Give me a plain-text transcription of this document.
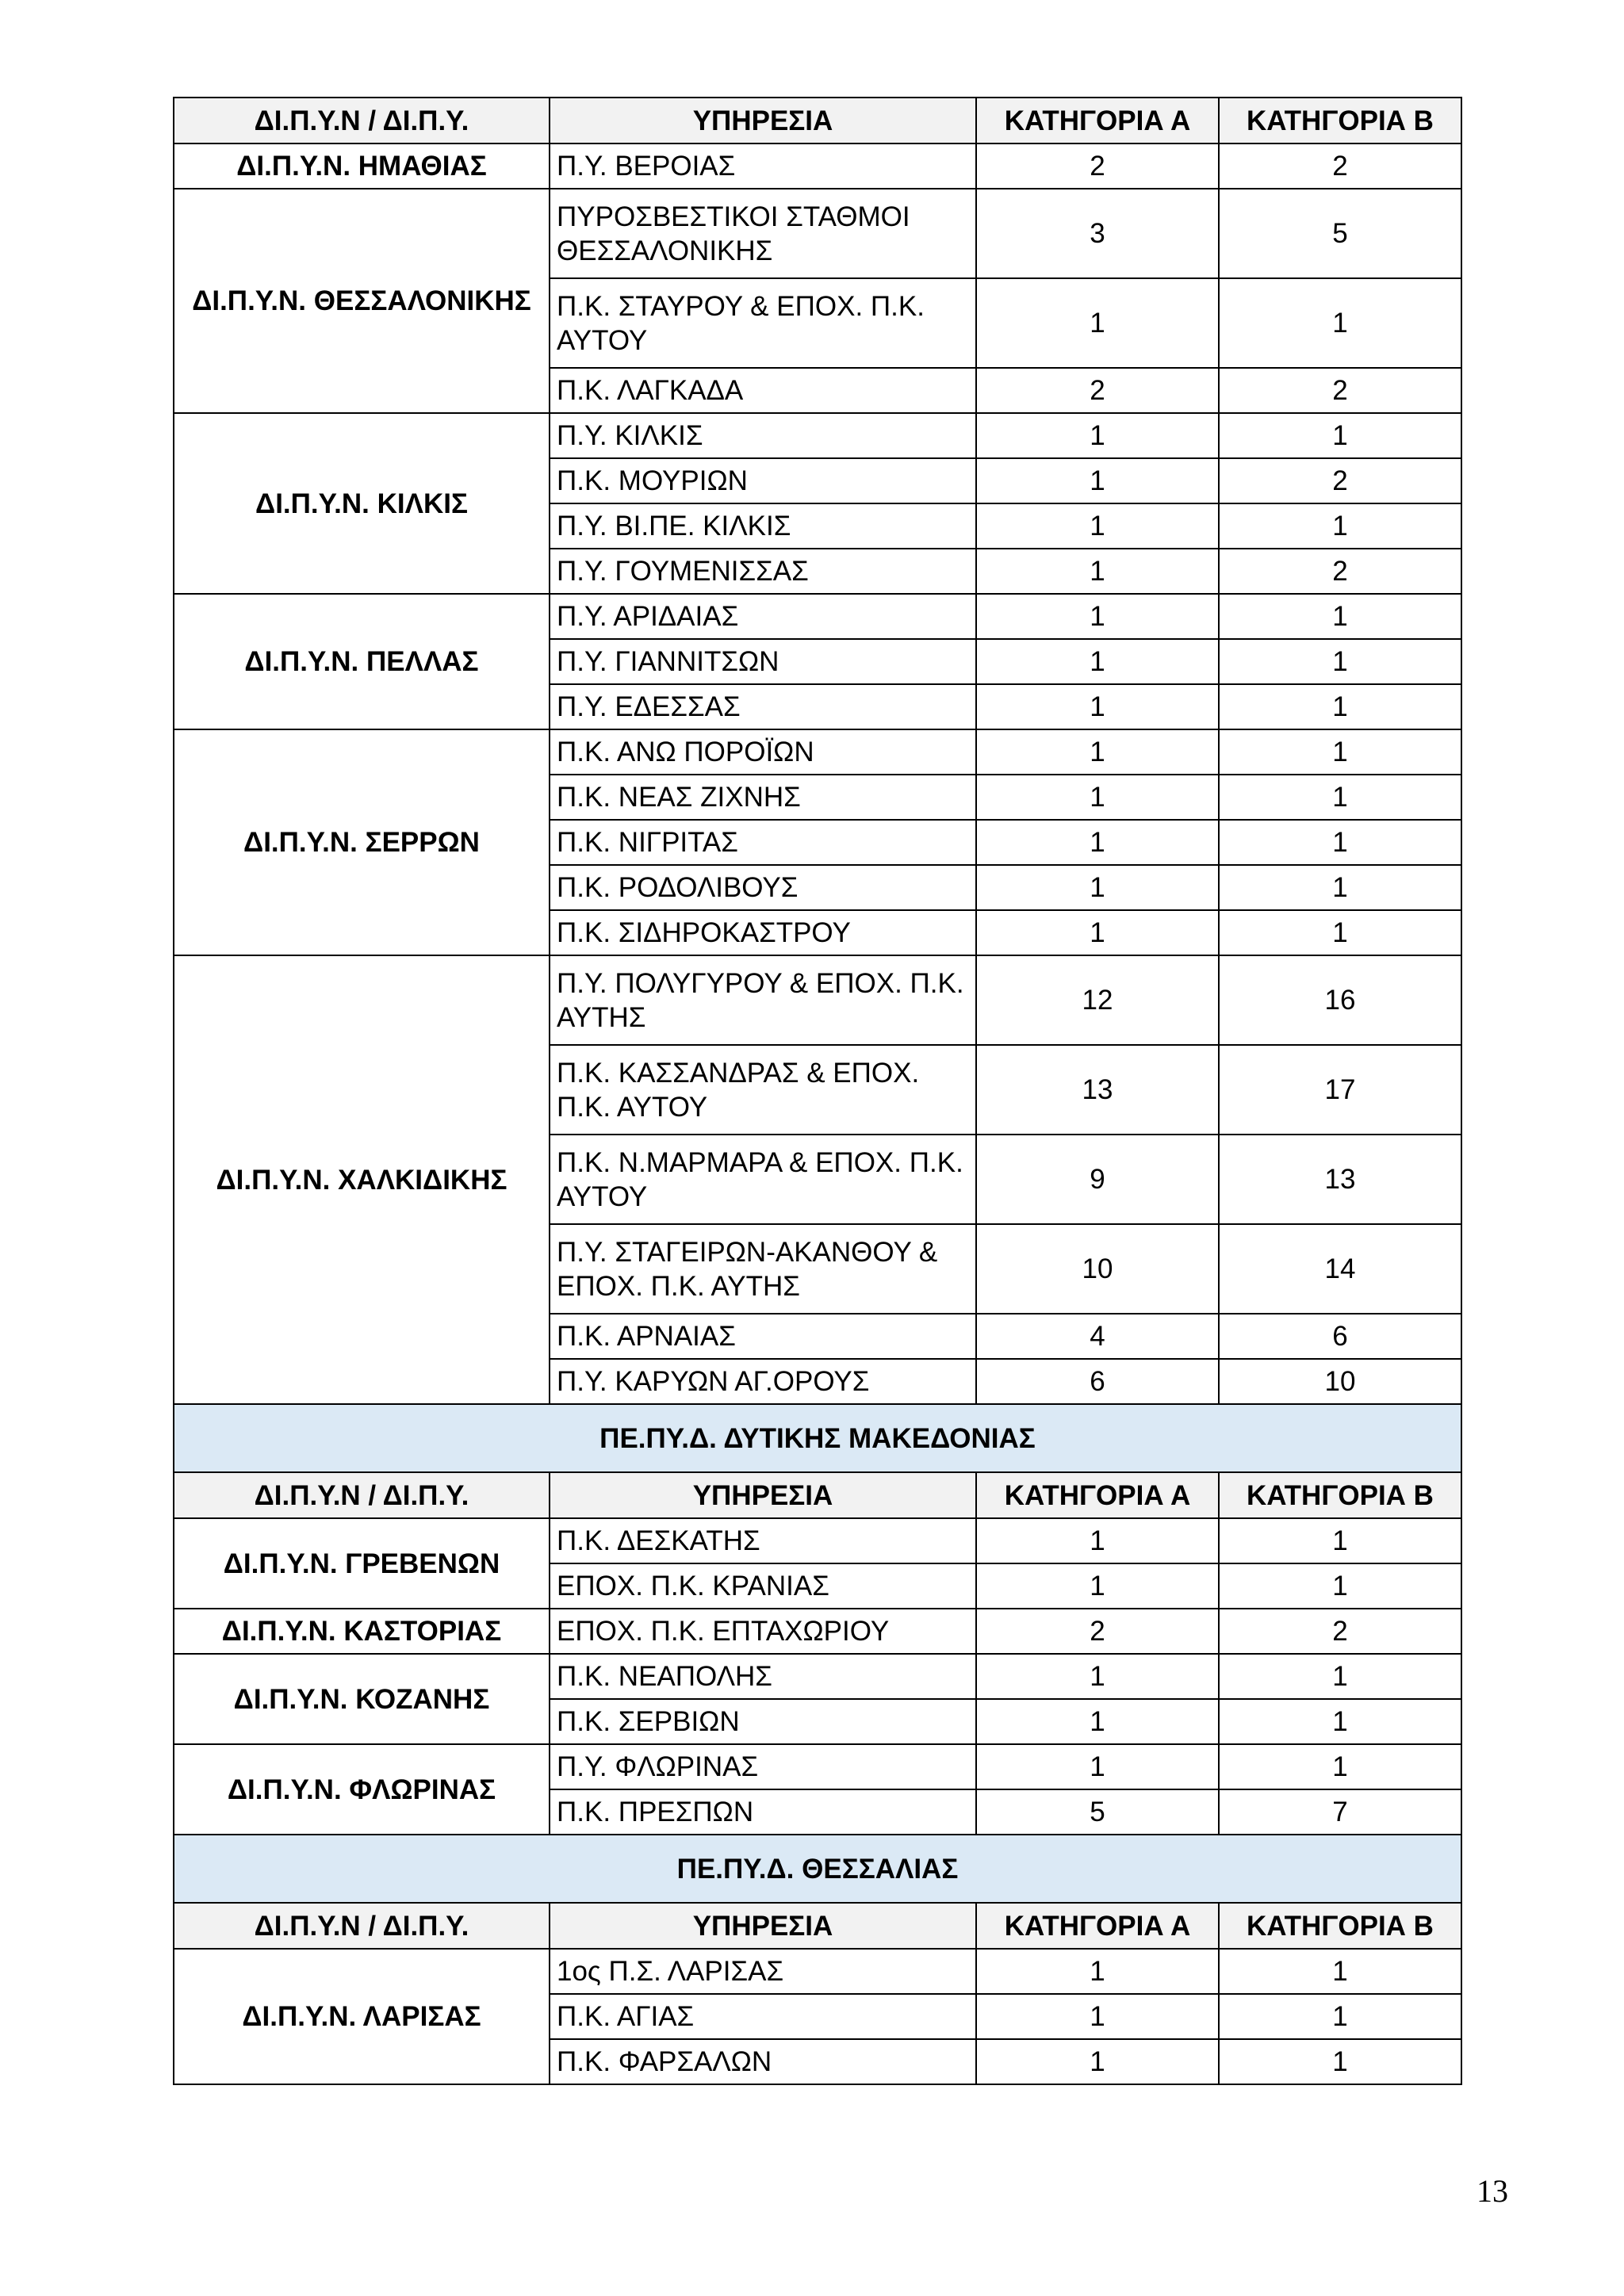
ΔΙ.Π.Υ.Ν / ΔΙ.Π.Υ.	ΥΠΗΡΕΣΙΑ	ΚΑΤΗΓΟΡΙΑ Α	ΚΑΤΗΓΟΡΙΑ Β
ΔΙ.Π.Υ.Ν. ΗΜΑΘΙΑΣ	Π.Υ. ΒΕΡΟΙΑΣ	2	2
ΔΙ.Π.Υ.Ν. ΘΕΣΣΑΛΟΝΙΚΗΣ	ΠΥΡΟΣΒΕΣΤΙΚΟΙ ΣΤΑΘΜΟΙ ΘΕΣΣΑΛΟΝΙΚΗΣ	3	5
	Π.Κ. ΣΤΑΥΡΟΥ & ΕΠΟΧ. Π.Κ. ΑΥΤΟΥ	1	1
	Π.Κ. ΛΑΓΚΑΔΑ	2	2
ΔΙ.Π.Υ.Ν. ΚΙΛΚΙΣ	Π.Υ. ΚΙΛΚΙΣ	1	1
	Π.Κ. ΜΟΥΡΙΩΝ	1	2
	Π.Υ. ΒΙ.ΠΕ. ΚΙΛΚΙΣ	1	1
	Π.Υ. ΓΟΥΜΕΝΙΣΣΑΣ	1	2
ΔΙ.Π.Υ.Ν. ΠΕΛΛΑΣ	Π.Υ. ΑΡΙΔΑΙΑΣ	1	1
	Π.Υ. ΓΙΑΝΝΙΤΣΩΝ	1	1
	Π.Υ. ΕΔΕΣΣΑΣ	1	1
ΔΙ.Π.Υ.Ν. ΣΕΡΡΩΝ	Π.Κ. ΑΝΩ ΠΟΡΟΪΩΝ	1	1
	Π.Κ. ΝΕΑΣ ΖΙΧΝΗΣ	1	1
	Π.Κ. ΝΙΓΡΙΤΑΣ	1	1
	Π.Κ. ΡΟΔΟΛΙΒΟΥΣ	1	1
	Π.Κ. ΣΙΔΗΡΟΚΑΣΤΡΟΥ	1	1
ΔΙ.Π.Υ.Ν. ΧΑΛΚΙΔΙΚΗΣ	Π.Υ. ΠΟΛΥΓΥΡΟΥ & ΕΠΟΧ. Π.Κ. ΑΥΤΗΣ	12	16
	Π.Κ. ΚΑΣΣΑΝΔΡΑΣ & ΕΠΟΧ. Π.Κ. ΑΥΤΟΥ	13	17
	Π.Κ. Ν.ΜΑΡΜΑΡΑ & ΕΠΟΧ. Π.Κ. ΑΥΤΟΥ	9	13
	Π.Υ. ΣΤΑΓΕΙΡΩΝ-ΑΚΑΝΘΟΥ & ΕΠΟΧ. Π.Κ. ΑΥΤΗΣ	10	14
	Π.Κ. ΑΡΝΑΙΑΣ	4	6
	Π.Υ. ΚΑΡΥΩΝ ΑΓ.ΟΡΟΥΣ	6	10
ΠΕ.ΠΥ.Δ. ΔΥΤΙΚΗΣ ΜΑΚΕΔΟΝΙΑΣ			
ΔΙ.Π.Υ.Ν / ΔΙ.Π.Υ.	ΥΠΗΡΕΣΙΑ	ΚΑΤΗΓΟΡΙΑ Α	ΚΑΤΗΓΟΡΙΑ Β
ΔΙ.Π.Υ.Ν. ΓΡΕΒΕΝΩΝ	Π.Κ. ΔΕΣΚΑΤΗΣ	1	1
	ΕΠΟΧ. Π.Κ. ΚΡΑΝΙΑΣ	1	1
ΔΙ.Π.Υ.Ν. ΚΑΣΤΟΡΙΑΣ	ΕΠΟΧ. Π.Κ. ΕΠΤΑΧΩΡΙΟΥ	2	2
ΔΙ.Π.Υ.Ν. ΚΟΖΑΝΗΣ	Π.Κ. ΝΕΑΠΟΛΗΣ	1	1
	Π.Κ. ΣΕΡΒΙΩΝ	1	1
ΔΙ.Π.Υ.Ν. ΦΛΩΡΙΝΑΣ	Π.Υ. ΦΛΩΡΙΝΑΣ	1	1
	Π.Κ. ΠΡΕΣΠΩΝ	5	7
ΠΕ.ΠΥ.Δ. ΘΕΣΣΑΛΙΑΣ			
ΔΙ.Π.Υ.Ν / ΔΙ.Π.Υ.	ΥΠΗΡΕΣΙΑ	ΚΑΤΗΓΟΡΙΑ Α	ΚΑΤΗΓΟΡΙΑ Β
ΔΙ.Π.Υ.Ν. ΛΑΡΙΣΑΣ	1ος Π.Σ. ΛΑΡΙΣΑΣ	1	1
	Π.Κ. ΑΓΙΑΣ	1	1
	Π.Κ. ΦΑΡΣΑΛΩΝ	1	1
13
